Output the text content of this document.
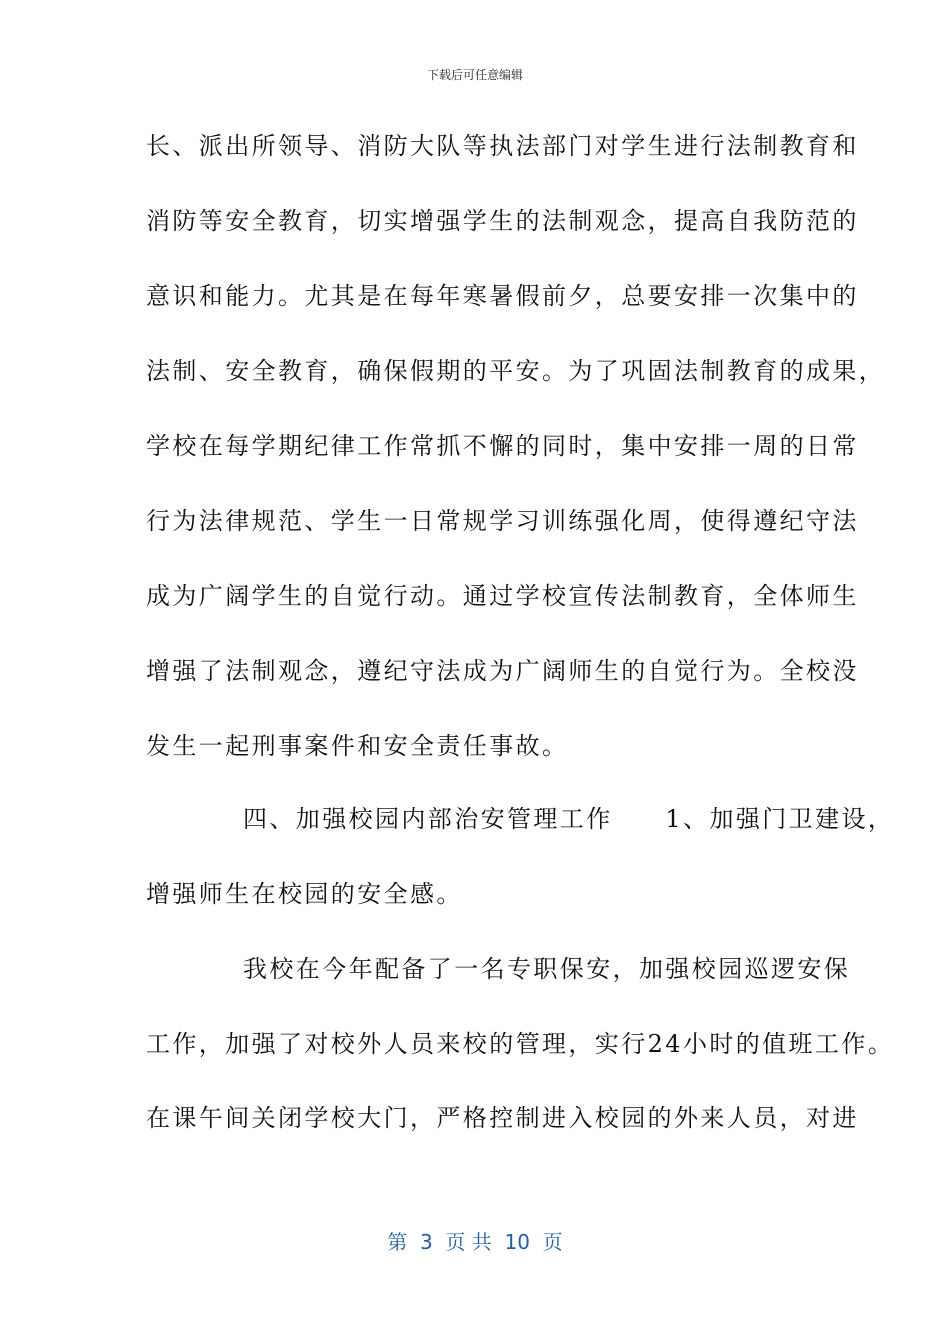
下载后可任意编辑
长、派出所领导、消防大队等执法部门对学生进行法制教育和
消防等安全教育，切实增强学生的法制观念，提高自我防范的
意识和能力。尤其是在每年寒暑假前夕，总要安排一次集中的
法制、安全教育，确保假期的平安。为了巩固法制教育的成果，
学校在每学期纪律工作常抓不懈的同时，集中安排一周的日常
行为法律规范、学生一日常规学习训练强化周，使得遵纪守法
成为广阔学生的自觉行动。通过学校宣传法制教育，全体师生
增强了法制观念，遵纪守法成为广阔师生的自觉行为。全校没
发生一起刑事案件和安全责任事故。
四、加强校园内部治安管理工作　　1、加强门卫建设，
增强师生在校园的安全感。
我校在今年配备了一名专职保安，加强校园巡逻安保
工作，加强了对校外人员来校的管理，实行24小时的值班工作。
在课午间关闭学校大门，严格控制进入校园的外来人员，对进
第  3  页 共  10  页
